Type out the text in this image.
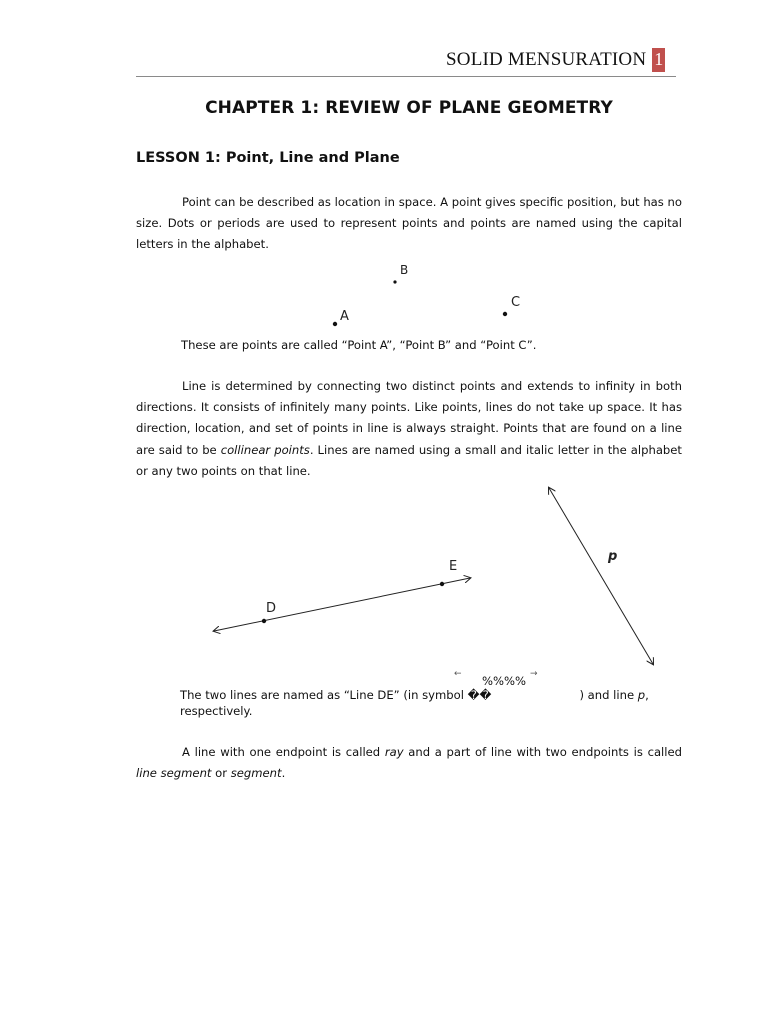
SOLID MENSURATION 1
CHAPTER 1: REVIEW OF PLANE GEOMETRY
LESSON 1: Point, Line and Plane
Point can be described as location in space. A point gives specific position, but has no size. Dots or periods are used to represent points and points are named using the capital letters in the alphabet.
A
B
C
These are points are called “Point A”, “Point B” and “Point C”.
Line is determined by connecting two distinct points and extends to infinity in both directions. It consists of infinitely many points. Like points, lines do not take up space. It has direction, location, and set of points in line is always straight. Points that are found on a line are said to be collinear points. Lines are named using a small and italic letter in the alphabet or any two points on that line.
D
E
p
← %%%% →
The two lines are named as “Line DE” (in symbol ��	) and line p,
respectively.
A line with one endpoint is called ray and a part of line with two endpoints is called line segment or segment.
